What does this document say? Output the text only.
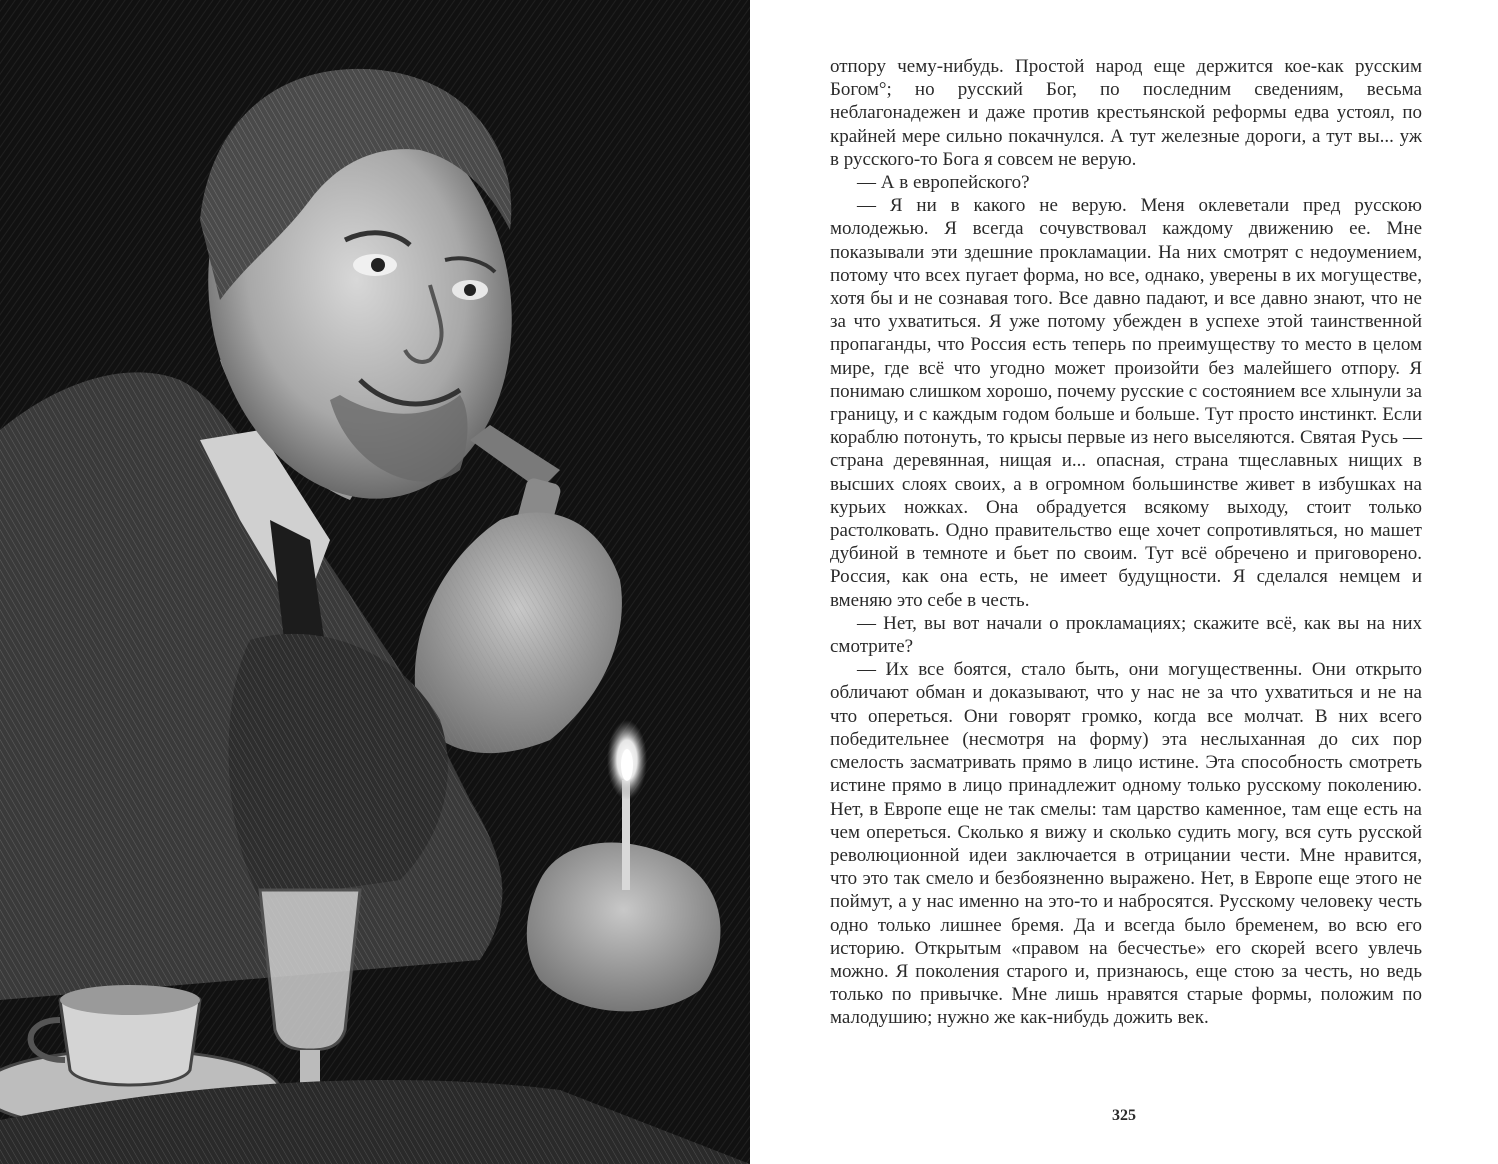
отпору чему-нибудь. Простой народ еще держится кое-как русским Богом°; но русский Бог, по последним сведениям, весьма неблагонадежен и даже против крестьянской реформы едва устоял, по крайней мере сильно покачнулся. А тут железные дороги, а тут вы... уж в русского-то Бога я совсем не верую.

— А в европейского?

— Я ни в какого не верую. Меня оклеветали пред русскою молодежью. Я всегда сочувствовал каждому движению ее. Мне показывали эти здешние прокламации. На них смотрят с недоумением, потому что всех пугает форма, но все, однако, уверены в их могуществе, хотя бы и не сознавая того. Все давно падают, и все давно знают, что не за что ухватиться. Я уже потому убежден в успехе этой таинственной пропаганды, что Россия есть теперь по преимуществу то место в целом мире, где всё что угодно может произойти без малейшего отпору. Я понимаю слишком хорошо, почему русские с состоянием все хлынули за границу, и с каждым годом больше и больше. Тут просто инстинкт. Если кораблю потонуть, то крысы первые из него выселяются. Святая Русь — страна деревянная, нищая и... опасная, страна тщеславных нищих в высших слоях своих, а в огромном большинстве живет в избушках на курьих ножках. Она обрадуется всякому выходу, стоит только растолковать. Одно правительство еще хочет сопротивляться, но машет дубиной в темноте и бьет по своим. Тут всё обречено и приговорено. Россия, как она есть, не имеет будущности. Я сделался немцем и вменяю это себе в честь.

— Нет, вы вот начали о прокламациях; скажите всё, как вы на них смотрите?

— Их все боятся, стало быть, они могущественны. Они открыто обличают обман и доказывают, что у нас не за что ухватиться и не на что опереться. Они говорят громко, когда все молчат. В них всего победительнее (несмотря на форму) эта неслыханная до сих пор смелость засматривать прямо в лицо истине. Эта способность смотреть истине прямо в лицо принадлежит одному только русскому поколению. Нет, в Европе еще не так смелы: там царство каменное, там еще есть на чем опереться. Сколько я вижу и сколько судить могу, вся суть русской революционной идеи заключается в отрицании чести. Мне нравится, что это так смело и безбоязненно выражено. Нет, в Европе еще этого не поймут, а у нас именно на это-то и набросятся. Русскому человеку честь одно только лишнее бремя. Да и всегда было бременем, во всю его историю. Открытым «правом на бесчестье» его скорей всего увлечь можно. Я поколения старого и, признаюсь, еще стою за честь, но ведь только по привычке. Мне лишь нравятся старые формы, положим по малодушию; нужно же как-нибудь дожить век.

325
